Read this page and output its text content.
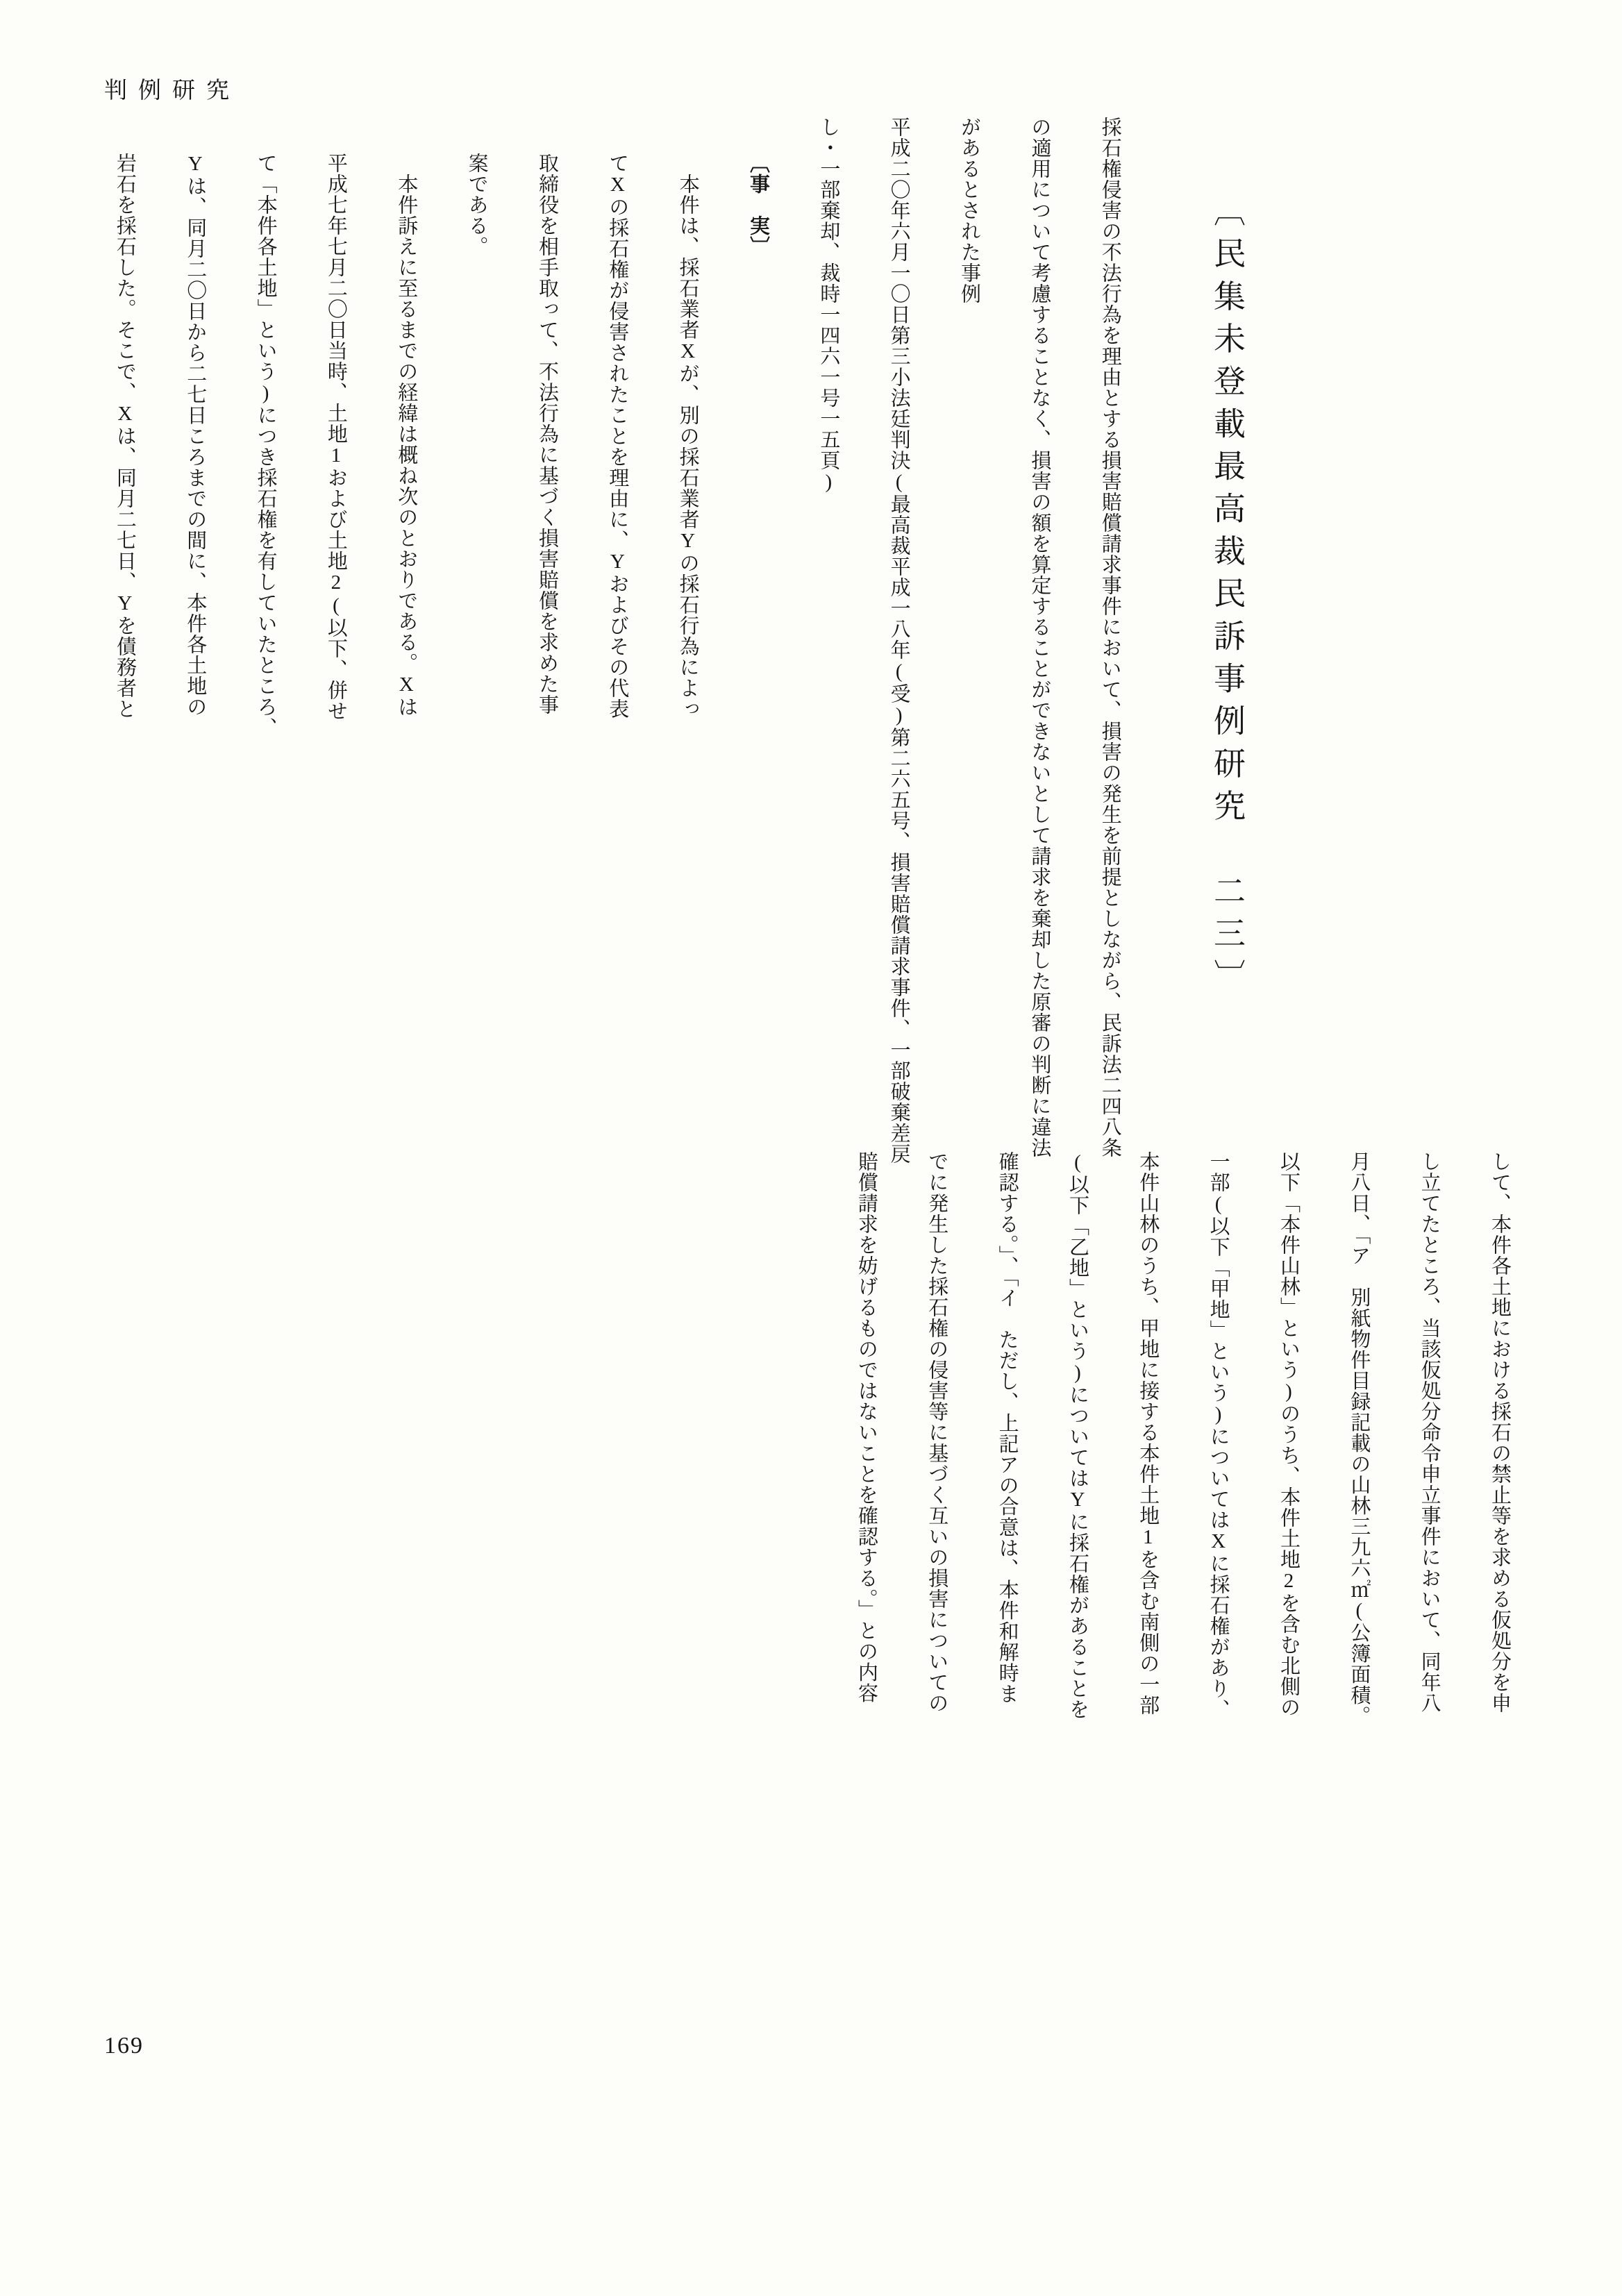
判例研究
〔民集未登載最高裁民訴事例研究　二三〕
採石権侵害の不法行為を理由とする損害賠償請求事件において、損害の発生を前提としながら、民訴法二四八条
の適用について考慮することなく、損害の額を算定することができないとして請求を棄却した原審の判断に違法
があるとされた事例
平成二〇年六月一〇日第三小法廷判決(最高裁平成一八年(受)第二六五号、損害賠償請求事件、一部破棄差戻
し・一部棄却、裁時一四六一号一五頁)
〔事　実〕
　本件は、採石業者Xが、別の採石業者Yの採石行為によっ
てXの採石権が侵害されたことを理由に、Yおよびその代表
取締役を相手取って、不法行為に基づく損害賠償を求めた事
案である。
　本件訴えに至るまでの経緯は概ね次のとおりである。Xは
平成七年七月二〇日当時、土地1および土地2(以下、併せ
て「本件各土地」という)につき採石権を有していたところ、
Yは、同月二〇日から二七日ころまでの間に、本件各土地の
岩石を採石した。そこで、Xは、同月二七日、Yを債務者と
して、本件各土地における採石の禁止等を求める仮処分を申
し立てたところ、当該仮処分命令申立事件において、同年八
月八日、「ア　別紙物件目録記載の山林三九六㎡(公簿面積。
以下「本件山林」という)のうち、本件土地2を含む北側の
一部(以下「甲地」という)についてはXに採石権があり、
本件山林のうち、甲地に接する本件土地1を含む南側の一部
(以下「乙地」という)についてはYに採石権があることを
確認する。」、「イ　ただし、上記アの合意は、本件和解時ま
でに発生した採石権の侵害等に基づく互いの損害についての
賠償請求を妨げるものではないことを確認する。」との内容
169
